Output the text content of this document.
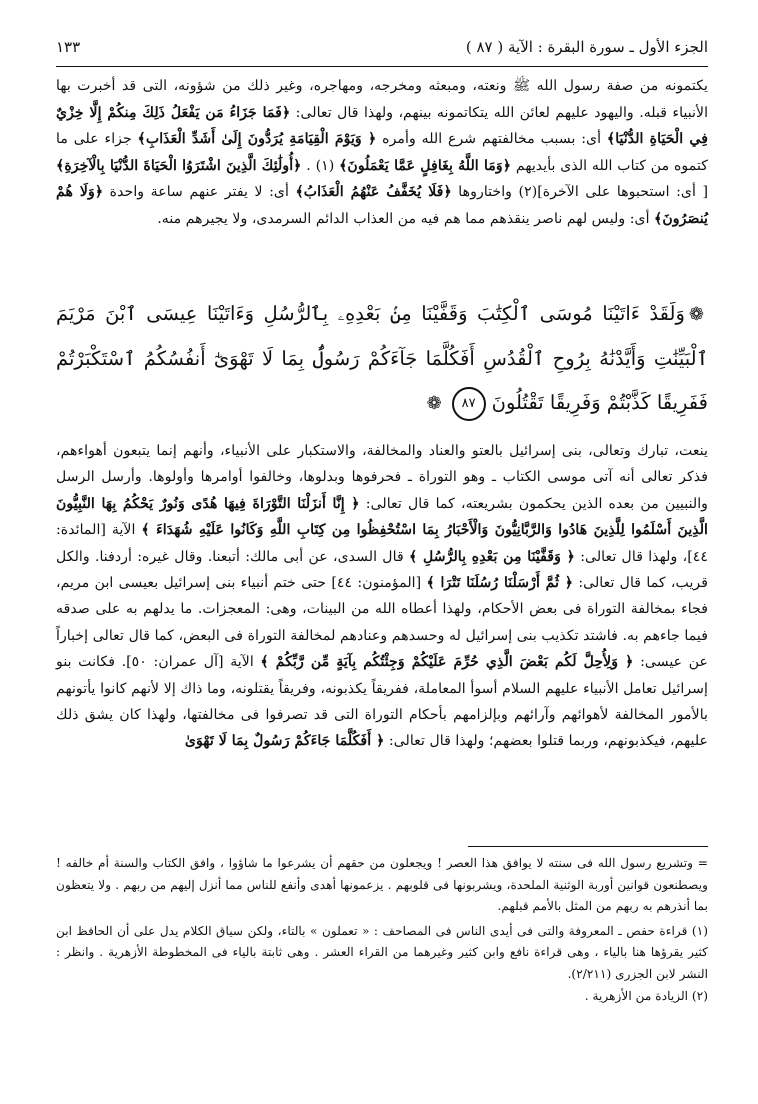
الجزء الأول ـ سورة البقرة : الآية ( ٨٧ )
١٣٣

يكتمونه من صفة رسول الله ﷺ ونعته، ومبعثه ومخرجه، ومهاجره، وغير ذلك من شؤونه، التى قد أخبرت بها الأنبياء قبله. واليهود عليهم لعائن الله يتكاتمونه بينهم، ولهذا قال تعالى: ﴿فَمَا جَزَاءُ مَن يَفْعَلُ ذَلِكَ مِنكُمْ إِلَّا خِزْيٌ فِي الْحَيَاةِ الدُّنْيَا﴾ أى: بسبب مخالفتهم شرع الله وأمره ﴿ وَيَوْمَ الْقِيَامَةِ يُرَدُّونَ إِلَىٰ أَشَدِّ الْعَذَابِ﴾ جزاء على ما كتموه من كتاب الله الذى بأيديهم ﴿وَمَا اللَّهُ بِغَافِلٍ عَمَّا يَعْمَلُونَ﴾ (١) . ﴿أُولَٰئِكَ الَّذِينَ اشْتَرَوُا الْحَيَاةَ الدُّنْيَا بِالْآخِرَةِ﴾ [ أى: استحبوها على الآخرة](٢) واختاروها ﴿فَلَا يُخَفَّفُ عَنْهُمُ الْعَذَابُ﴾ أى: لا يفتر عنهم ساعة واحدة ﴿وَلَا هُمْ يُنصَرُونَ﴾ أى: وليس لهم ناصر ينقذهم مما هم فيه من العذاب الدائم السرمدى، ولا يجيرهم منه.

❁وَلَقَدْ ءَاتَيْنَا مُوسَى ٱلْكِتَٰبَ وَقَفَّيْنَا مِنۢ بَعْدِهِۦ بِٱلرُّسُلِ وَءَاتَيْنَا عِيسَى ٱبْنَ مَرْيَمَ ٱلْبَيِّنَٰتِ وَأَيَّدْنَٰهُ بِرُوحِ ٱلْقُدُسِ أَفَكُلَّمَا جَآءَكُمْ رَسُولٌۢ بِمَا لَا تَهْوَىٰٓ أَنفُسُكُمُ ٱسْتَكْبَرْتُمْ فَفَرِيقًا كَذَّبْتُمْ وَفَرِيقًا تَقْتُلُونَ٨٧❁

ينعت، تبارك وتعالى، بنى إسرائيل بالعتو والعناد والمخالفة، والاستكبار على الأنبياء، وأنهم إنما يتبعون أهواءهم، فذكر تعالى أنه آتى موسى الكتاب ـ وهو التوراة ـ فحرفوها وبدلوها، وخالفوا أوامرها وأولوها. وأرسل الرسل والنبيين من بعده الذين يحكمون بشريعته، كما قال تعالى: ﴿ إِنَّا أَنزَلْنَا التَّوْرَاةَ فِيهَا هُدًى وَنُورٌ يَحْكُمُ بِهَا النَّبِيُّونَ الَّذِينَ أَسْلَمُوا لِلَّذِينَ هَادُوا وَالرَّبَّانِيُّونَ وَالْأَحْبَارُ بِمَا اسْتُحْفِظُوا مِن كِتَابِ اللَّهِ وَكَانُوا عَلَيْهِ شُهَدَاءَ ﴾ الآية [المائدة: ٤٤]، ولهذا قال تعالى: ﴿ وَقَفَّيْنَا مِن بَعْدِهِ بِالرُّسُلِ ﴾ قال السدى، عن أبى مالك: أتبعنا. وقال غيره: أردفنا. والكل قريب، كما قال تعالى: ﴿ ثُمَّ أَرْسَلْنَا رُسُلَنَا تَتْرَا ﴾ [المؤمنون: ٤٤] حتى ختم أنبياء بنى إسرائيل بعيسى ابن مريم، فجاء بمخالفة التوراة فى بعض الأحكام، ولهذا أعطاه الله من البينات، وهى: المعجزات. ما يدلهم به على صدقه فيما جاءهم به. فاشتد تكذيب بنى إسرائيل له وحسدهم وعنادهم لمخالفة التوراة فى البعض، كما قال تعالى إخباراً عن عيسى: ﴿ وَلِأُحِلَّ لَكُم بَعْضَ الَّذِي حُرِّمَ عَلَيْكُمْ وَجِئْتُكُم بِآيَةٍ مِّن رَّبِّكُمْ ﴾ الآية [آل عمران: ٥٠]. فكانت بنو إسرائيل تعامل الأنبياء عليهم السلام أسوأ المعاملة، ففريقاً يكذبونه، وفريقاً يقتلونه، وما ذاك إلا لأنهم كانوا يأتونهم بالأمور المخالفة لأهوائهم وآرائهم وبإلزامهم بأحكام التوراة التى قد تصرفوا فى مخالفتها، ولهذا كان يشق ذلك عليهم، فيكذبونهم، وربما قتلوا بعضهم؛ ولهذا قال تعالى: ﴿ أَفَكُلَّمَا جَاءَكُمْ رَسُولٌ بِمَا لَا تَهْوَىٰ

= وتشريع رسول الله فى سنته لا يوافق هذا العصر ! ويجعلون من حقهم أن يشرعوا ما شاؤوا ، وافق الكتاب والسنة أم خالفه ! ويصطنعون قوانين أوربة الوثنية الملحدة، ويشربونها فى قلوبهم . يزعمونها أهدى وأنفع للناس مما أنزل إليهم من ربهم . ولا يتعظون بما أنذرهم به ربهم من المثل بالأمم قبلهم.

(١) قراءة حفص ـ المعروفة والتى فى أيدى الناس فى المصاحف : « تعملون » بالتاء، ولكن سياق الكلام يدل على أن الحافظ ابن كثير يقرؤها هنا بالياء ، وهى قراءة نافع وابن كثير وغيرهما من القراء العشر . وهى ثابتة بالياء فى المخطوطة الأزهرية . وانظر : النشر لابن الجزرى (٢/٢١١).

(٢) الزيادة من الأزهرية .
